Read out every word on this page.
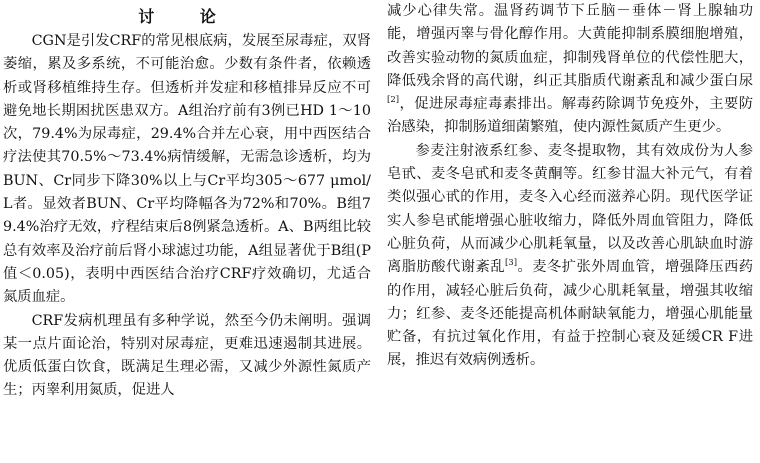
讨 论

CGN是引发CRF的常见根底病，发展至尿毒症，双肾萎缩，累及多系统，不可能治愈。少数有条件者，依赖透析或肾移植维持生存。但透析并发症和移植排异反应不可避免地长期困扰医患双方。A组治疗前有3例已HD 1～10次，79.4%为尿毒症，29.4%合并左心衰，用中西医结合疗法使其70.5%～73.4%病情缓解，无需急诊透析，均为BUN、Cr同步下降30%以上与Cr平均305～677 μmol/L者。显效者BUN、Cr平均降幅各为72%和70%。B组79.4%治疗无效，疗程结束后8例紧急透析。A、B两组比较总有效率及治疗前后肾小球滤过功能，A组显著优于B组(P值＜0.05)，表明中西医结合治疗CRF疗效确切，尤适合氮质血症。

CRF发病机理虽有多种学说，然至今仍未阐明。强调某一点片面论治，特别对尿毒症，更难迅速遏制其进展。优质低蛋白饮食，既满足生理必需，又减少外源性氮质产生；丙睾利用氮质，促进人

减少心律失常。温肾药调节下丘脑－垂体－肾上腺轴功能，增强丙睾与骨化醇作用。大黄能抑制系膜细胞增殖，改善实验动物的氮质血症，抑制残肾单位的代偿性肥大，降低残余肾的高代谢，纠正其脂质代谢紊乱和减少蛋白尿[2]，促进尿毒症毒素排出。解毒药除调节免疫外，主要防治感染，抑制肠道细菌繁殖，使内源性氮质产生更少。

参麦注射液系红参、麦冬提取物，其有效成份为人参皂甙、麦冬皂甙和麦冬黄酮等。红参甘温大补元气，有着类似强心甙的作用，麦冬入心经而滋养心阴。现代医学证实人参皂甙能增强心脏收缩力，降低外周血管阻力，降低心脏负荷，从而减少心肌耗氧量，以及改善心肌缺血时游离脂肪酸代谢紊乱[3]。麦冬扩张外周血管，增强降压西药的作用，减轻心脏后负荷，减少心肌耗氧量，增强其收缩力；红参、麦冬还能提高机体耐缺氧能力，增强心肌能量贮备，有抗过氧化作用，有益于控制心衰及延缓CR F进展，推迟有效病例透析。
